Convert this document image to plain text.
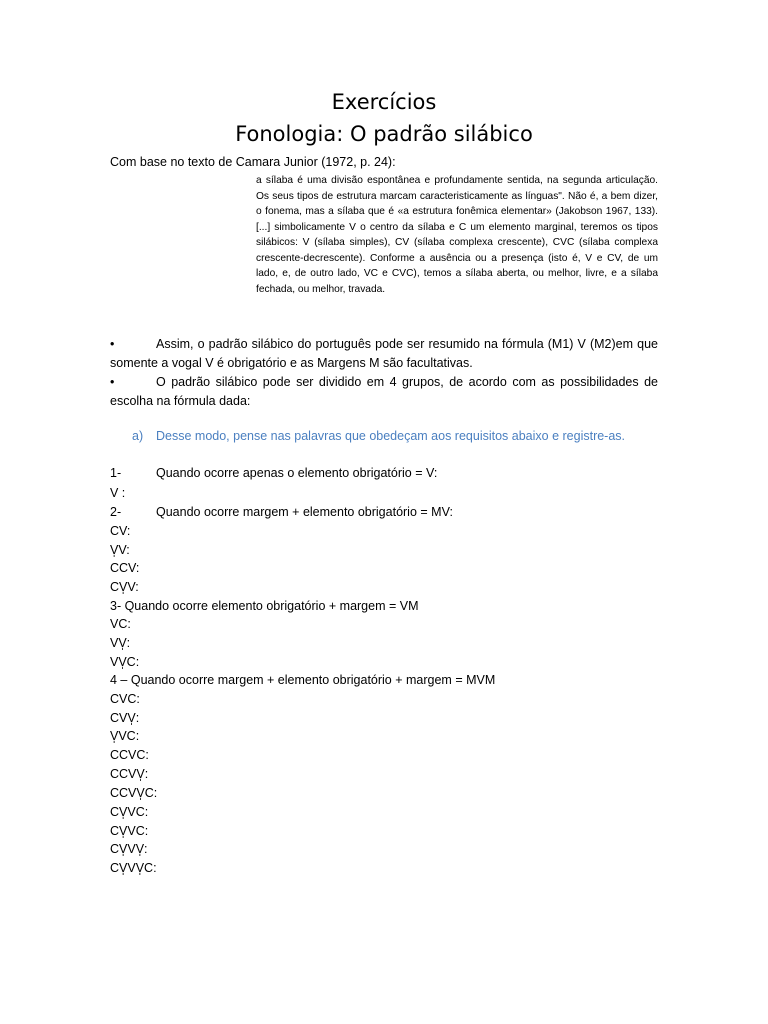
Exercícios
Fonologia: O padrão silábico
Com base no texto de Camara Junior (1972, p. 24):
a sílaba é uma divisão espontânea e profundamente sentida, na segunda articulação. Os seus tipos de estrutura marcam caracteristicamente as línguas". Não é, a bem dizer, o fonema, mas a sílaba que é «a estrutura fonêmica elementar» (Jakobson 1967, 133). [...] simbolicamente V o centro da sílaba e C um elemento marginal, teremos os tipos silábicos: V (sílaba simples), CV (sílaba complexa crescente), CVC (sílaba complexa crescente-decrescente). Conforme a ausência ou a presença (isto é, V e CV, de um lado, e, de outro lado, VC e CVC), temos a sílaba aberta, ou melhor, livre, e a sílaba fechada, ou melhor, travada.
•	Assim, o padrão silábico do português pode ser resumido na fórmula (M1) V (M2)em que somente a vogal V é obrigatório e as Margens M são facultativas.
•	O padrão silábico pode ser dividido em 4 grupos, de acordo com as possibilidades de escolha na fórmula dada:
a) Desse modo, pense nas palavras que obedeçam aos requisitos abaixo e registre-as.
1-	Quando ocorre apenas o elemento obrigatório = V:
V :
2-	Quando ocorre margem + elemento obrigatório = MV:
CV:
V̩V:
CCV:
CV̩V:
3- Quando ocorre elemento obrigatório + margem = VM
VC:
VV̩:
VV̩C:
4 – Quando ocorre margem + elemento obrigatório + margem = MVM
CVC:
CVV̩:
V̩VC:
CCVC:
CCVV̩:
CCVV̩C:
CV̩VC:
CV̩VC:
CV̩VV̩:
CV̩VV̩C:
